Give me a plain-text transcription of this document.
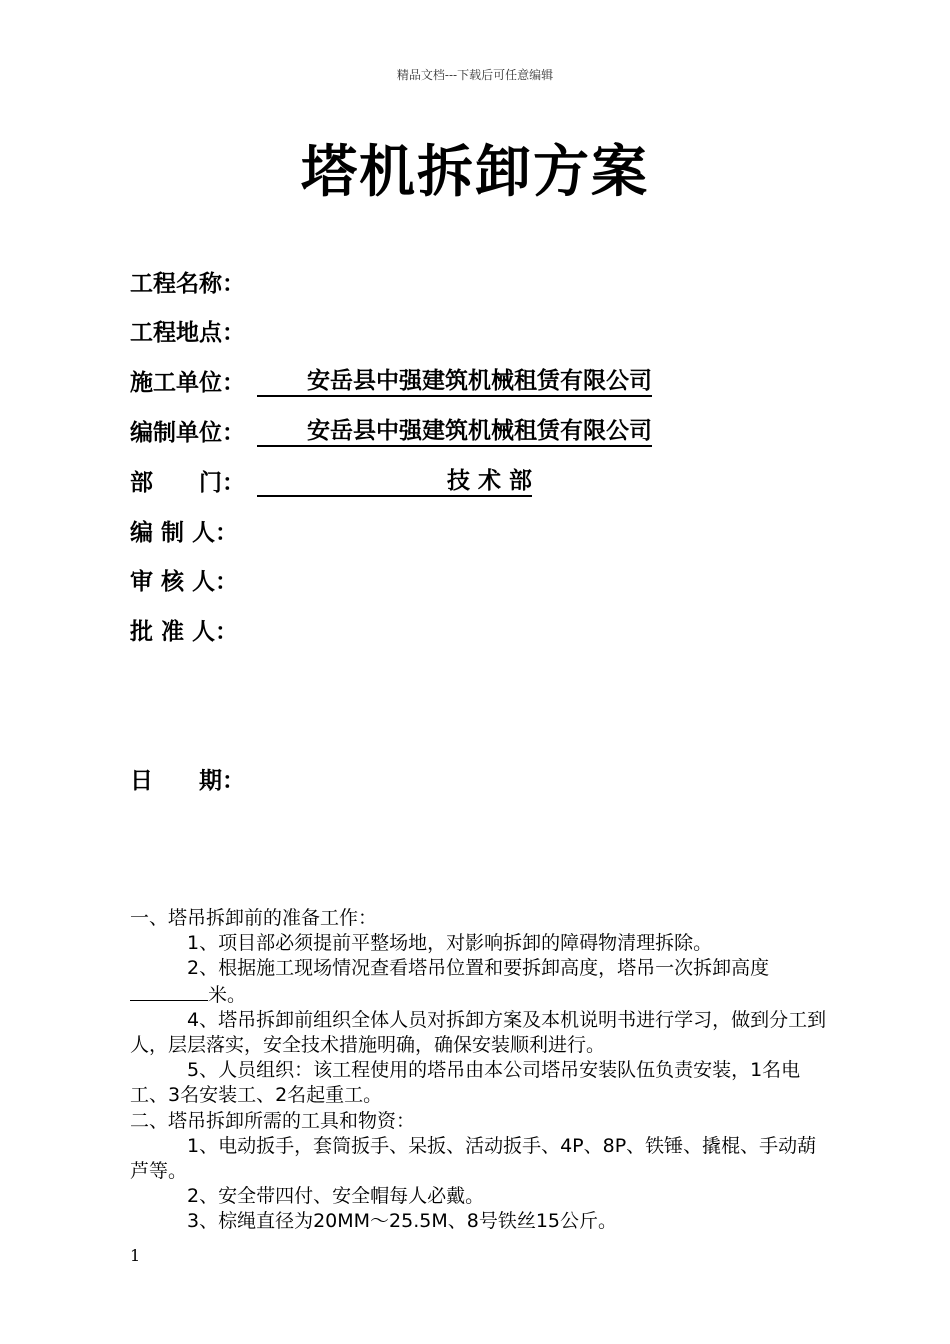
精品文档---下载后可任意编辑
塔机拆卸方案
工程名称：
工程地点：
施工单位：	安岳县中强建筑机械租赁有限公司
编制单位：	安岳县中强建筑机械租赁有限公司
部　　门：	技 术 部
编 制 人：
审 核 人：
批 准 人：
日　　期：

一、塔吊拆卸前的准备工作：

1、项目部必须提前平整场地，对影响拆卸的障碍物清理拆除。

2、根据施工现场情况查看塔吊位置和要拆卸高度，塔吊一次拆卸高度米。

4、塔吊拆卸前组织全体人员对拆卸方案及本机说明书进行学习，做到分工到人，层层落实，安全技术措施明确，确保安装顺利进行。

5、人员组织：该工程使用的塔吊由本公司塔吊安装队伍负责安装，1名电工、3名安装工、2名起重工。

二、塔吊拆卸所需的工具和物资：

1、电动扳手，套筒扳手、呆扳、活动扳手、4P、8P、铁锤、撬棍、手动葫芦等。

2、安全带四付、安全帽每人必戴。

3、棕绳直径为20MM～25.5M、8号铁丝15公斤。

1
